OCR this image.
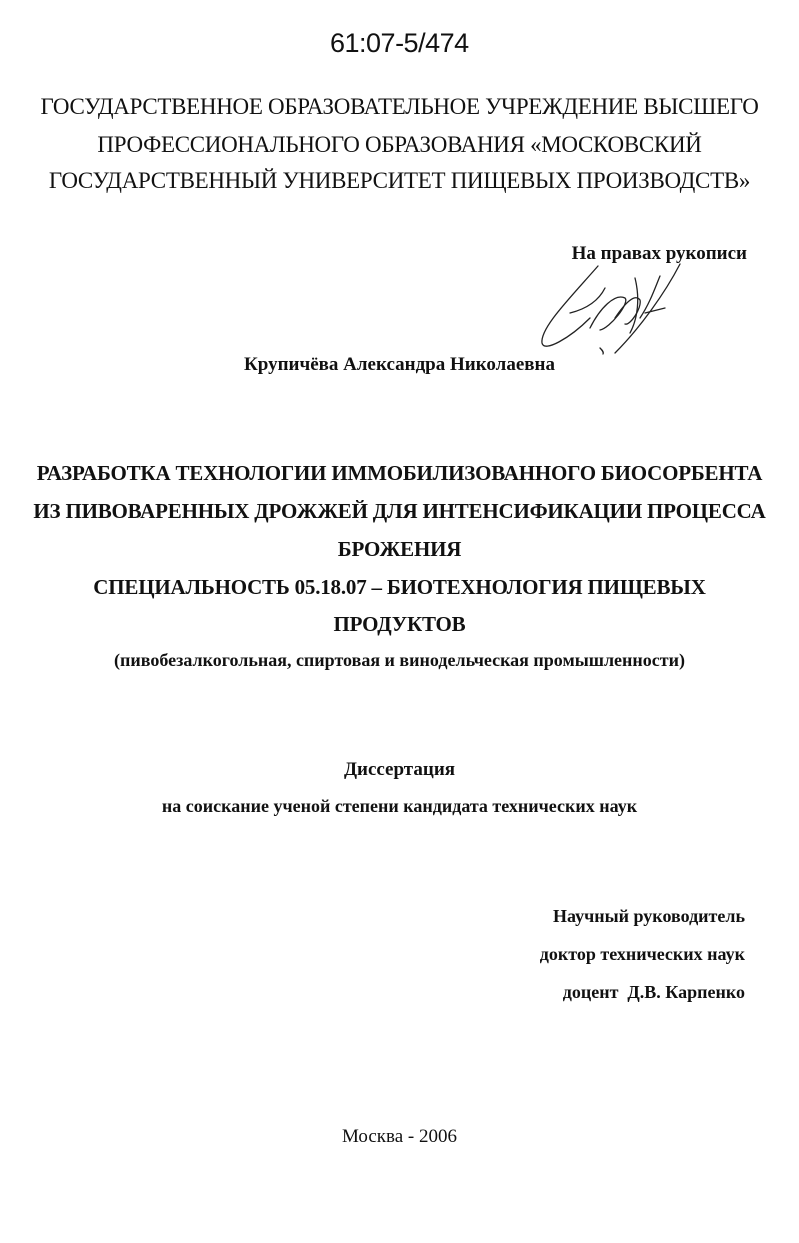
61:07-5/474
ГОСУДАРСТВЕННОЕ ОБРАЗОВАТЕЛЬНОЕ УЧРЕЖДЕНИЕ ВЫСШЕГО
ПРОФЕССИОНАЛЬНОГО ОБРАЗОВАНИЯ «МОСКОВСКИЙ
ГОСУДАРСТВЕННЫЙ УНИВЕРСИТЕТ ПИЩЕВЫХ ПРОИЗВОДСТВ»
На правах рукописи
Крупичёва Александра Николаевна
РАЗРАБОТКА ТЕХНОЛОГИИ ИММОБИЛИЗОВАННОГО БИОСОРБЕНТА
ИЗ ПИВОВАРЕННЫХ ДРОЖЖЕЙ ДЛЯ ИНТЕНСИФИКАЦИИ ПРОЦЕССА
БРОЖЕНИЯ
СПЕЦИАЛЬНОСТЬ 05.18.07 – БИОТЕХНОЛОГИЯ ПИЩЕВЫХ
ПРОДУКТОВ
(пивобезалкогольная, спиртовая и винодельческая промышленности)
Диссертация
на соискание ученой степени кандидата технических наук
Научный руководитель
доктор технических наук
доцент  Д.В. Карпенко
Москва - 2006
